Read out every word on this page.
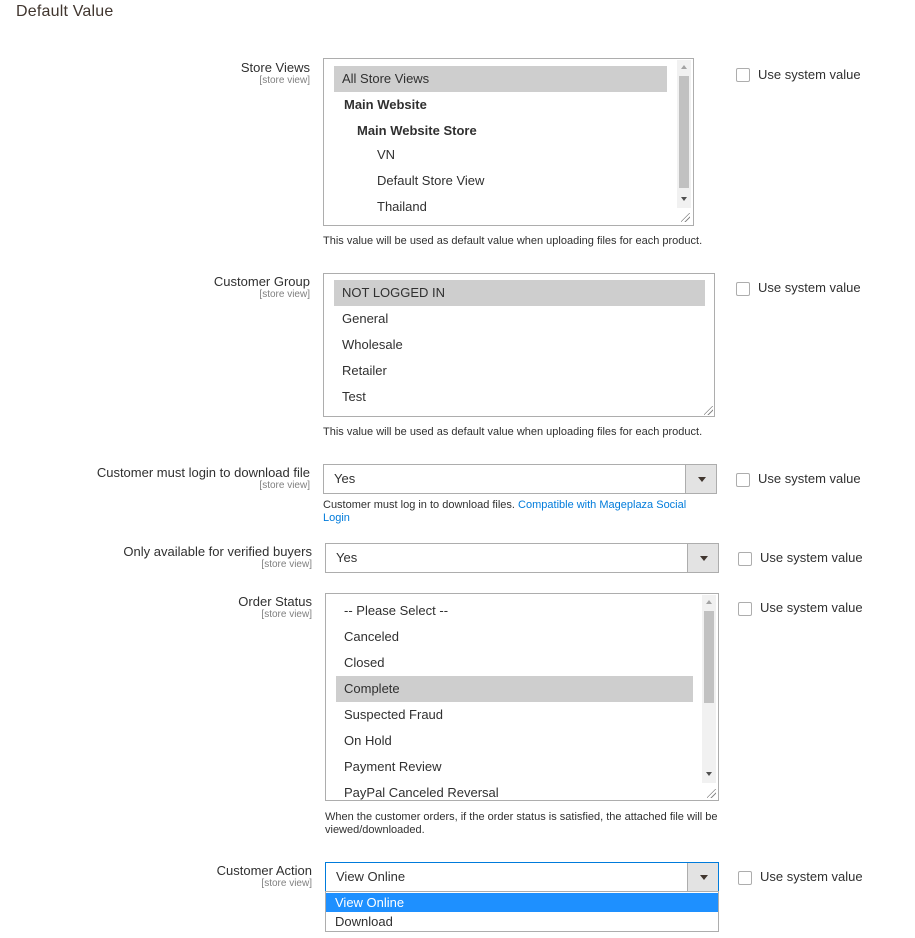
Default Value
Store Views
[store view]	All Store Views
Main Website
Main Website Store
VN
Default Store View
Thailand
Use system value
This value will be used as default value when uploading files for each product.
Customer Group
[store view]	NOT LOGGED IN
General
Wholesale
Retailer
Test
Use system value
This value will be used as default value when uploading files for each product.
Customer must login to download file
[store view] Yes	Use system value
Customer must log in to download files. Compatible with Mageplaza Social Login
Only available for verified buyers
[store view] Yes	Use system value
Order Status
[store view] -- Please Select --
Canceled
Closed
Complete
Suspected Fraud
On Hold
Payment Review
PayPal Canceled Reversal
Use system value
When the customer orders, if the order status is satisfied, the attached file will be viewed/downloaded.
Customer Action
[store view] View Online
View Online
Download
Use system value
